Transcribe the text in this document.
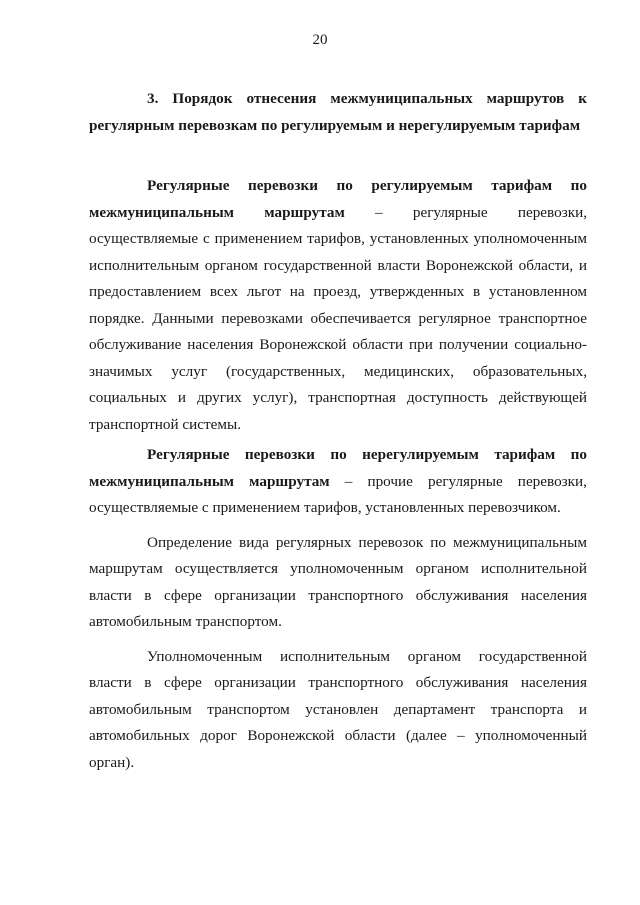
20

3. Порядок отнесения межмуниципальных маршрутов к регулярным перевозкам по регулируемым и нерегулируемым тарифам

Регулярные перевозки по регулируемым тарифам по межмуниципальным маршрутам – регулярные перевозки, осуществляемые с применением тарифов, установленных уполномоченным исполнительным органом государственной власти Воронежской области, и предоставлением всех льгот на проезд, утвержденных в установленном порядке. Данными перевозками обеспечивается регулярное транспортное обслуживание населения Воронежской области при получении социально-значимых услуг (государственных, медицинских, образовательных, социальных и других услуг), транспортная доступность действующей транспортной системы.

Регулярные перевозки по нерегулируемым тарифам по межмуниципальным маршрутам – прочие регулярные перевозки, осуществляемые с применением тарифов, установленных перевозчиком.

Определение вида регулярных перевозок по межмуниципальным маршрутам осуществляется уполномоченным органом исполнительной власти в сфере организации транспортного обслуживания населения автомобильным транспортом.

Уполномоченным исполнительным органом государственной власти в сфере организации транспортного обслуживания населения автомобильным транспортом установлен департамент транспорта и автомобильных дорог Воронежской области (далее – уполномоченный орган).
